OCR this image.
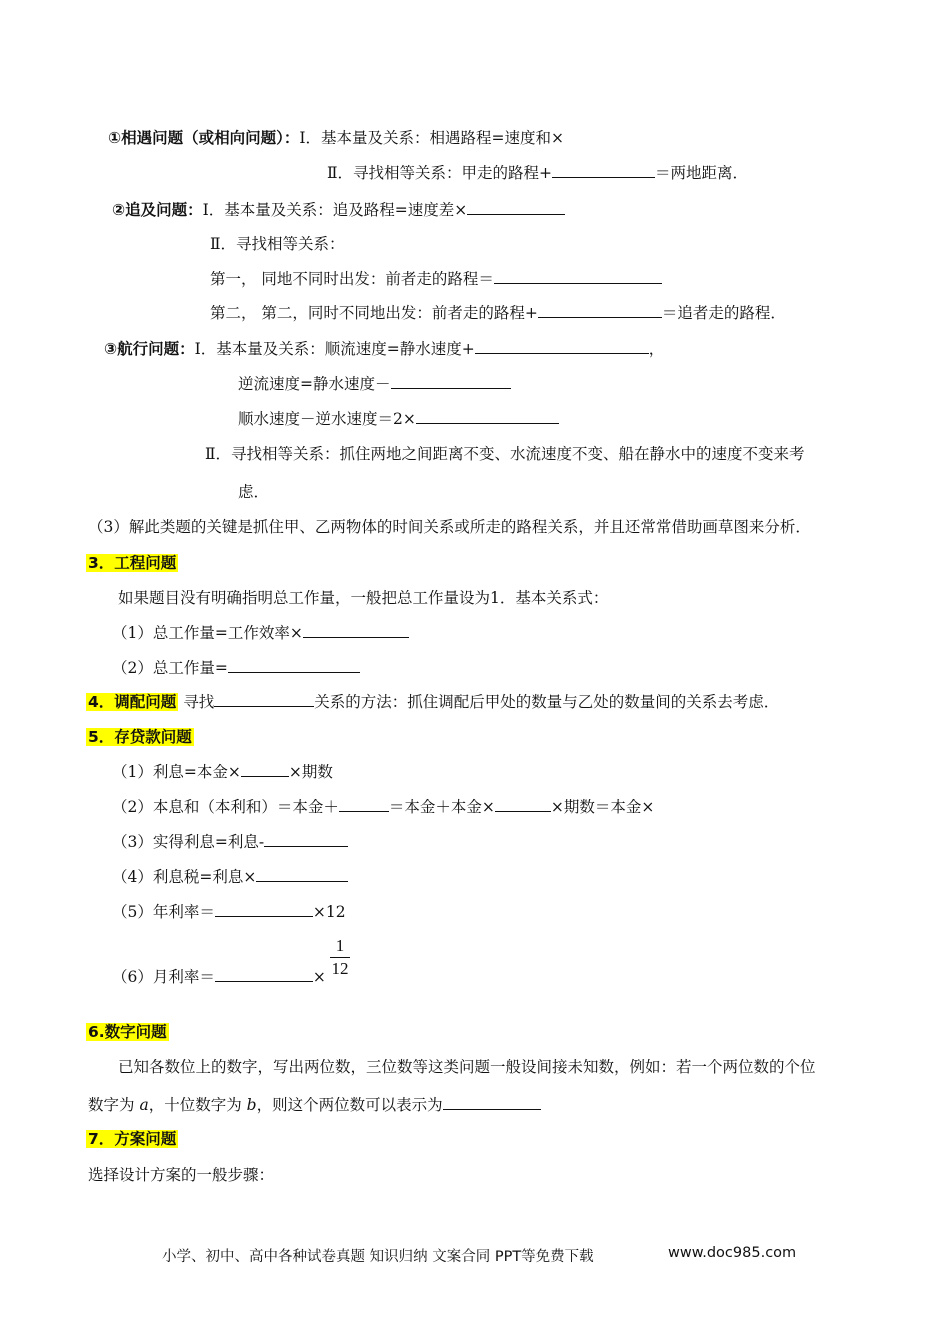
①相遇问题（或相向问题）：Ⅰ．基本量及关系：相遇路程=速度和×
Ⅱ．寻找相等关系：甲走的路程+	＝两地距离．
②追及问题：Ⅰ．基本量及关系：追及路程=速度差×
Ⅱ．寻找相等关系：
第一， 同地不同时出发：前者走的路程＝
第二， 第二，同时不同地出发：前者走的路程+	＝追者走的路程．
③航行问题：Ⅰ．基本量及关系：顺流速度=静水速度+	，
逆流速度=静水速度－
顺水速度－逆水速度＝2×
Ⅱ．寻找相等关系：抓住两地之间距离不变、水流速度不变、船在静水中的速度不变来考
虑．
（3）解此类题的关键是抓住甲、乙两物体的时间关系或所走的路程关系，并且还常常借助画草图来分析．
3．工程问题
如果题目没有明确指明总工作量，一般把总工作量设为1．基本关系式：
（1）总工作量=工作效率×
（2）总工作量=
4．调配问题 寻找	关系的方法：抓住调配后甲处的数量与乙处的数量间的关系去考虑．
5．存贷款问题
（1）利息=本金×	×期数
（2）本息和（本利和）＝本金＋	＝本金＋本金×	×期数＝本金×
（3）实得利息=利息-
（4）利息税=利息×
（5）年利率＝	×12
（6）月利率＝	×
1
12
6.数字问题
已知各数位上的数字，写出两位数，三位数等这类问题一般设间接未知数，例如：若一个两位数的个位
数字为 a，十位数字为 b，则这个两位数可以表示为
7．方案问题
选择设计方案的一般步骤：
小学、初中、高中各种试卷真题 知识归纳 文案合同 PPT等免费下载	www.doc985.com
